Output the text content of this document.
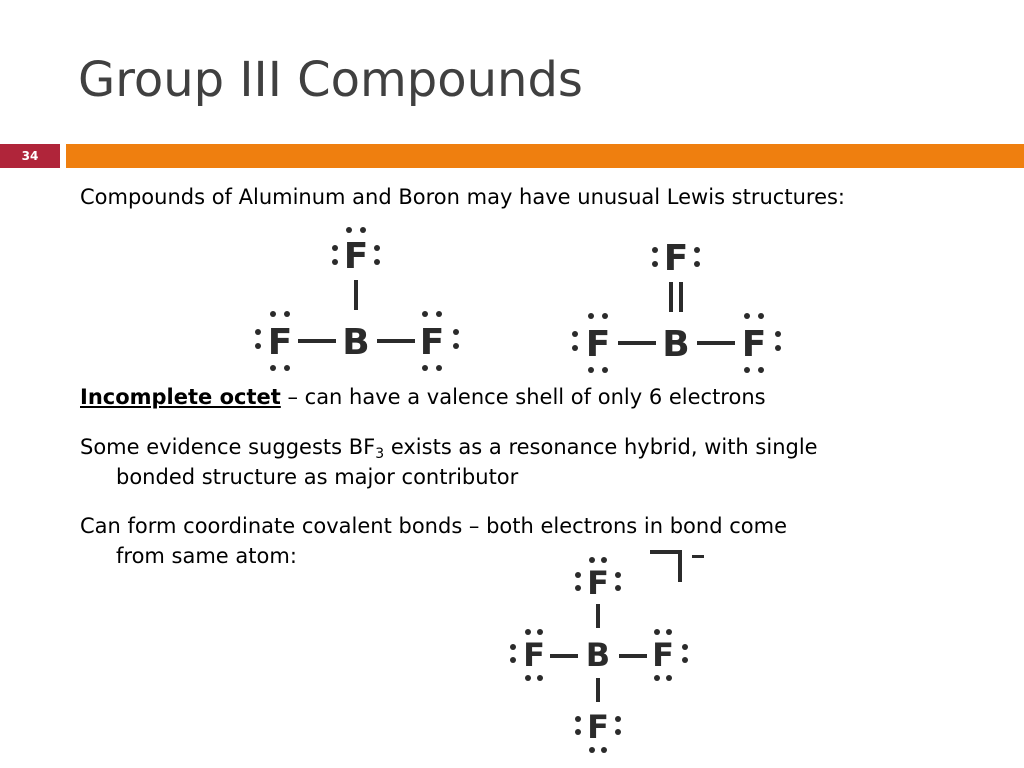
Group III Compounds
34
Compounds of Aluminum and Boron may have unusual Lewis structures:
F
B
F	F
F
B
F	F
Incomplete octet – can have a valence shell of only 6 electrons
Some evidence suggests $BF_3$ exists as a resonance hybrid, with single
bonded structure as major contributor
Can form coordinate covalent bonds – both electrons in bond come
from same atom:
F
B
F	F
F
